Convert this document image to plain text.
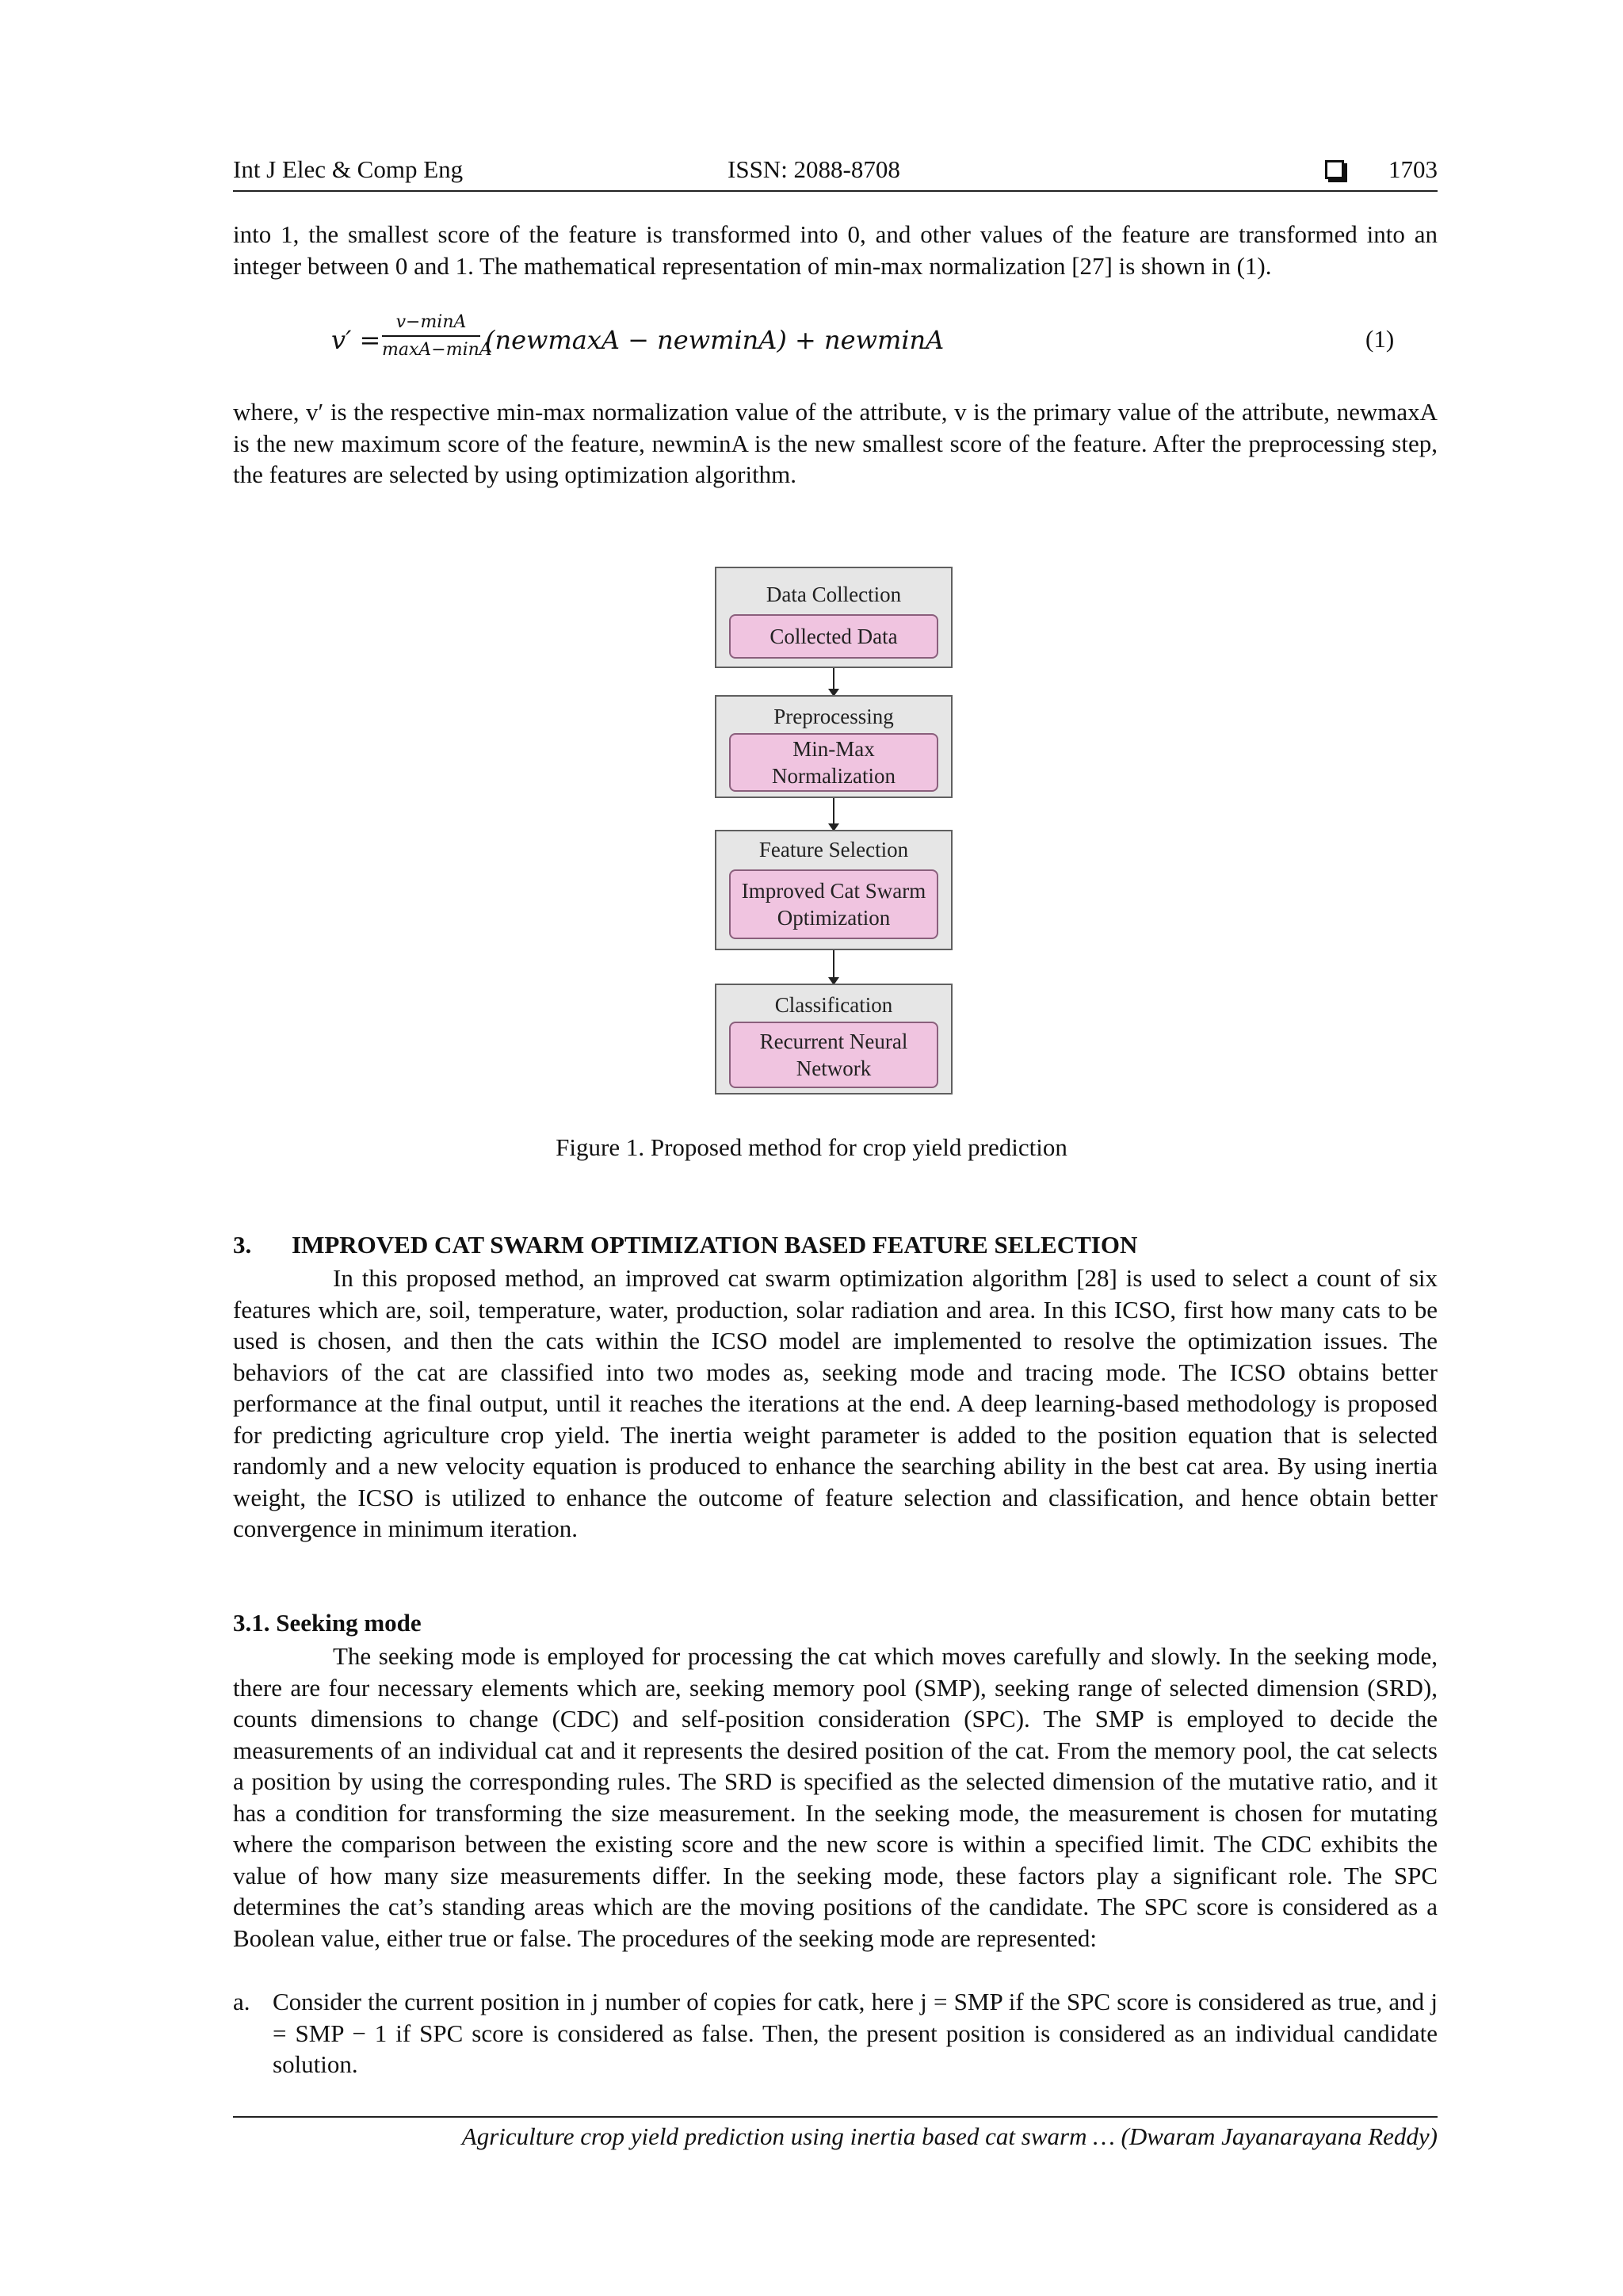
Int J Elec & Comp Eng	ISSN: 2088-8708	1703

into 1, the smallest score of the feature is transformed into 0, and other values of the feature are transformed into an integer between 0 and 1. The mathematical representation of min-max normalization [27] is shown in (1).

v′ =
v−minA
maxA−minA
(newmaxA − newminA) + newminA	(1)

where, v′ is the respective min-max normalization value of the attribute, v is the primary value of the attribute, newmaxA is the new maximum score of the feature, newminA is the new smallest score of the feature. After the preprocessing step, the features are selected by using optimization algorithm.

Data Collection
Collected Data
Preprocessing
Min-Max Normalization
Feature Selection
Improved Cat Swarm Optimization
Classification
Recurrent Neural Network
Figure 1. Proposed method for crop yield prediction
3. IMPROVED CAT SWARM OPTIMIZATION BASED FEATURE SELECTION

In this proposed method, an improved cat swarm optimization algorithm [28] is used to select a count of six features which are, soil, temperature, water, production, solar radiation and area. In this ICSO, first how many cats to be used is chosen, and then the cats within the ICSO model are implemented to resolve the optimization issues. The behaviors of the cat are classified into two modes as, seeking mode and tracing mode. The ICSO obtains better performance at the final output, until it reaches the iterations at the end. A deep learning-based methodology is proposed for predicting agriculture crop yield. The inertia weight parameter is added to the position equation that is selected randomly and a new velocity equation is produced to enhance the searching ability in the best cat area. By using inertia weight, the ICSO is utilized to enhance the outcome of feature selection and classification, and hence obtain better convergence in minimum iteration.

3.1. Seeking mode

The seeking mode is employed for processing the cat which moves carefully and slowly. In the seeking mode, there are four necessary elements which are, seeking memory pool (SMP), seeking range of selected dimension (SRD), counts dimensions to change (CDC) and self-position consideration (SPC). The SMP is employed to decide the measurements of an individual cat and it represents the desired position of the cat. From the memory pool, the cat selects a position by using the corresponding rules. The SRD is specified as the selected dimension of the mutative ratio, and it has a condition for transforming the size measurement. In the seeking mode, the measurement is chosen for mutating where the comparison between the existing score and the new score is within a specified limit. The CDC exhibits the value of how many size measurements differ. In the seeking mode, these factors play a significant role. The SPC determines the cat’s standing areas which are the moving positions of the candidate. The SPC score is considered as a Boolean value, either true or false. The procedures of the seeking mode are represented:

a. Consider the current position in j number of copies for catk, here j = SMP if the SPC score is considered as true, and j = SMP − 1 if SPC score is considered as false. Then, the present position is considered as an individual candidate solution.
Agriculture crop yield prediction using inertia based cat swarm … (Dwaram Jayanarayana Reddy)
